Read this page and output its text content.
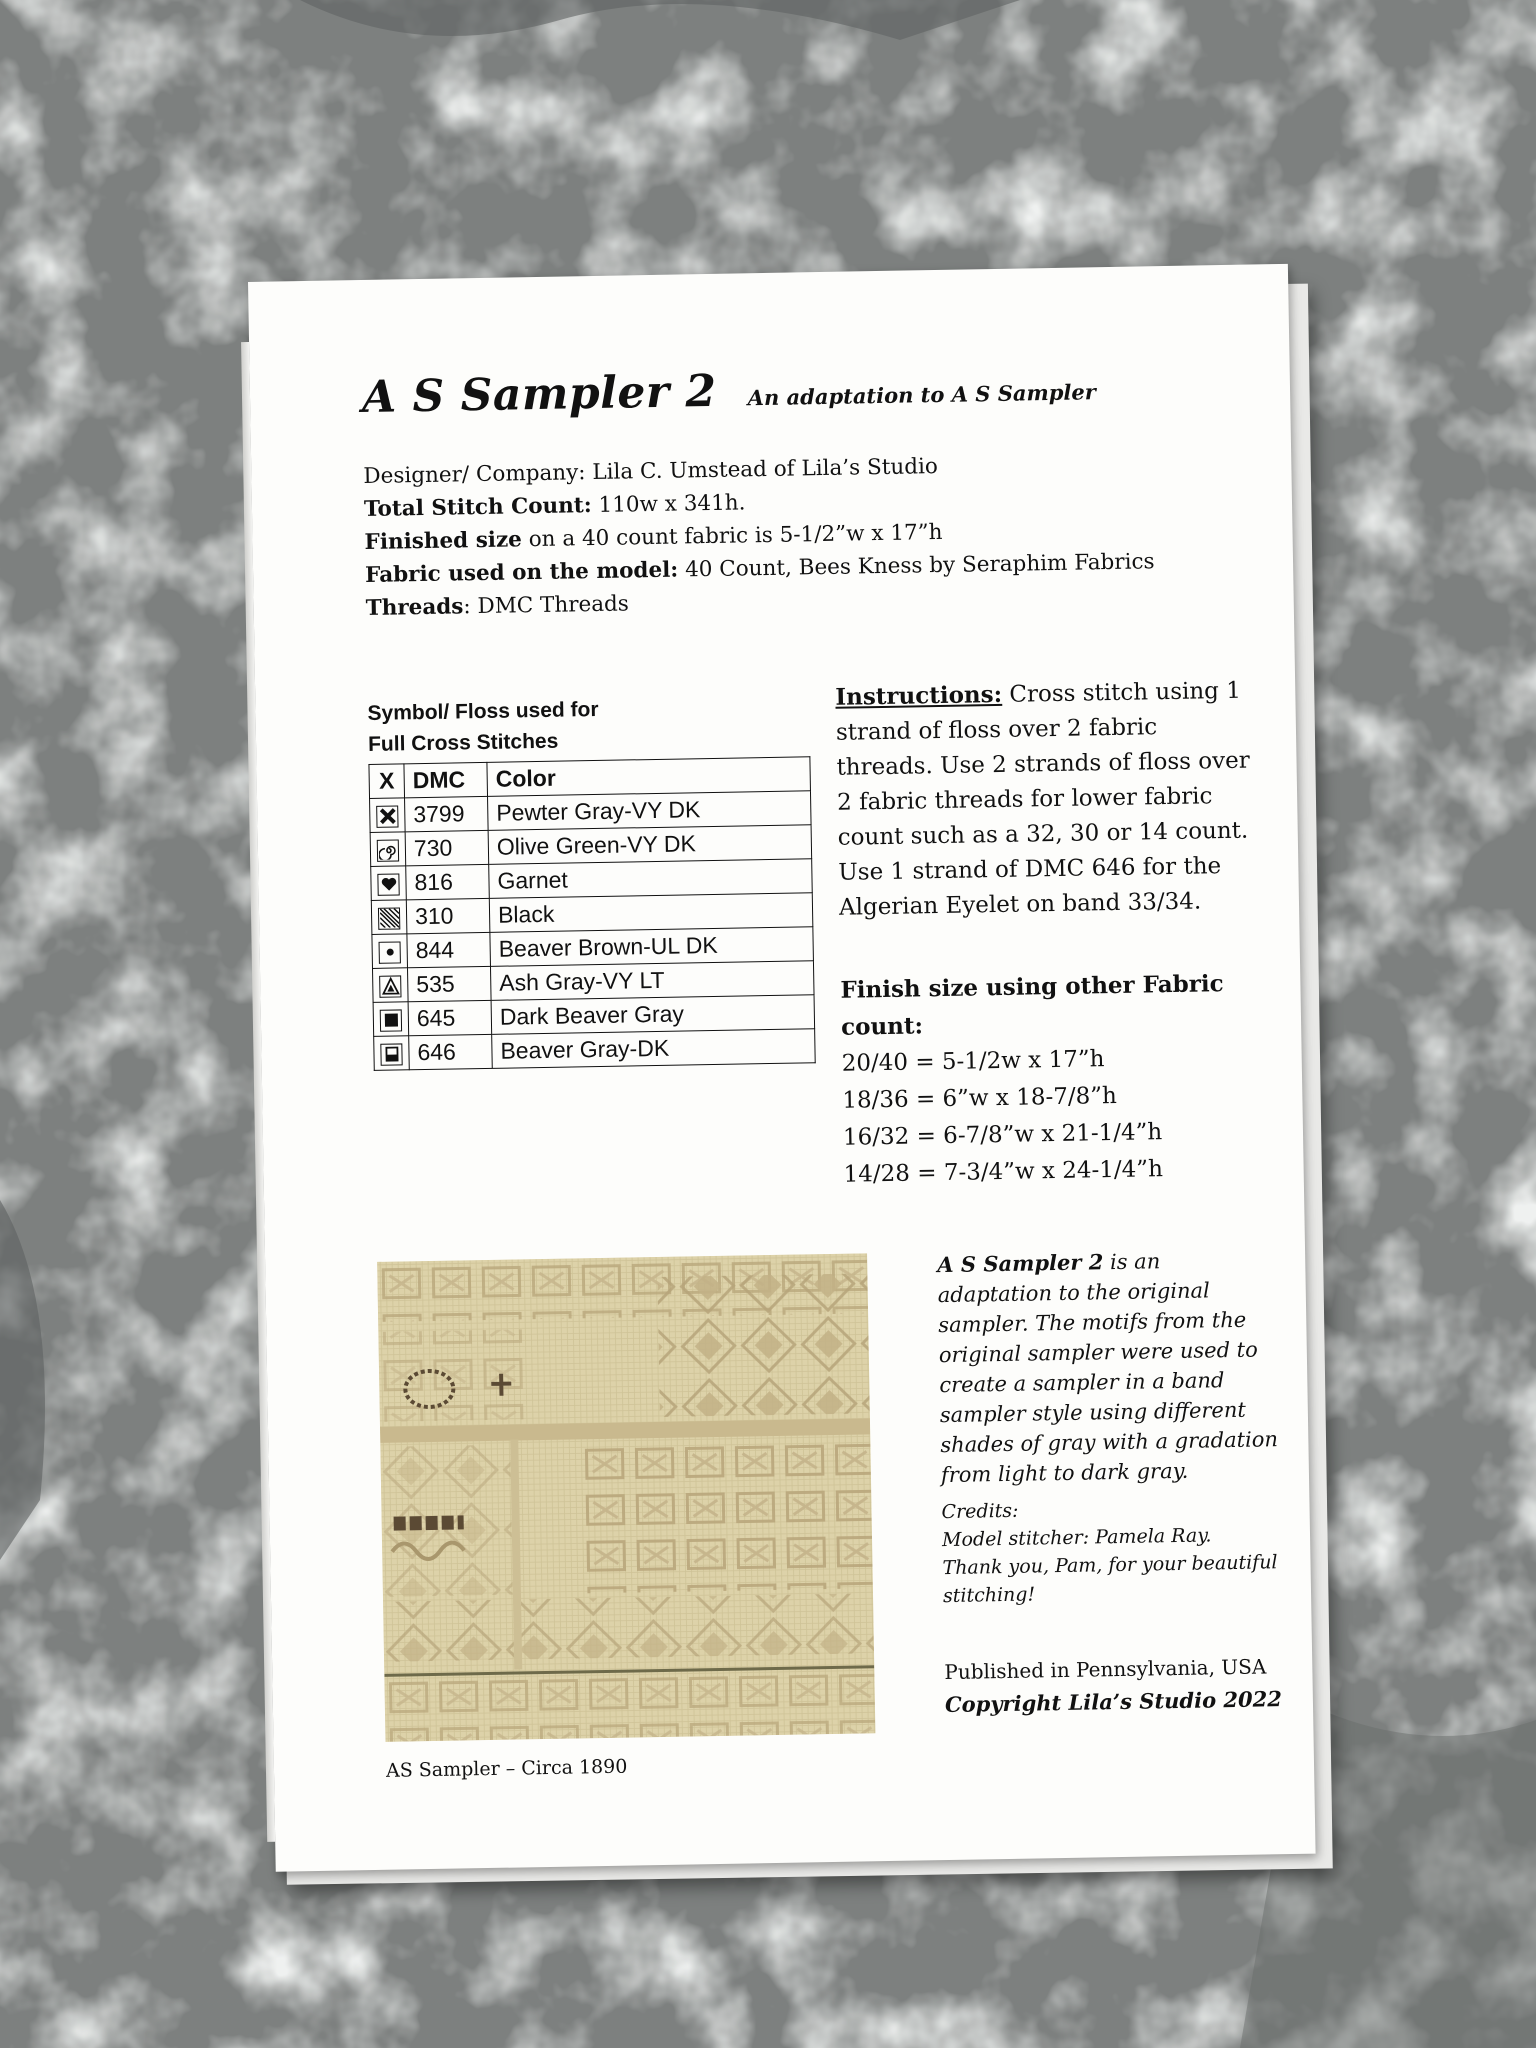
A S Sampler 2 An adaptation to A S Sampler
Designer/ Company: Lila C. Umstead of Lila’s Studio
Total Stitch Count: 110w x 341h.
Finished size on a 40 count fabric is 5-1/2”w x 17”h
Fabric used on the model: 40 Count, Bees Kness by Seraphim Fabrics
Threads: DMC Threads
Symbol/ Floss used for
Full Cross Stitches
X	DMC	Color
	3799	Pewter Gray-VY DK
	730	Olive Green-VY DK
	816	Garnet
	310	Black
	844	Beaver Brown-UL DK
	535	Ash Gray-VY LT
	645	Dark Beaver Gray
	646	Beaver Gray-DK
Instructions: Cross stitch using 1 strand of floss over 2 fabric threads. Use 2 strands of floss over 2 fabric threads for lower fabric count such as a 32, 30 or 14 count. Use 1 strand of DMC 646 for the Algerian Eyelet on band 33/34.
Finish size using other Fabric count:
20/40 = 5-1/2w x 17”h
18/36 = 6”w x 18-7/8”h
16/32 = 6-7/8”w x 21-1/4”h
14/28 = 7-3/4”w x 24-1/4”h
AS Sampler – Circa 1890
A S Sampler 2 is an adaptation to the original sampler. The motifs from the original sampler were used to create a sampler in a band sampler style using different shades of gray with a gradation from light to dark gray.
Credits:
Model stitcher: Pamela Ray.
Thank you, Pam, for your beautiful stitching!
Published in Pennsylvania, USA
Copyright Lila’s Studio 2022
